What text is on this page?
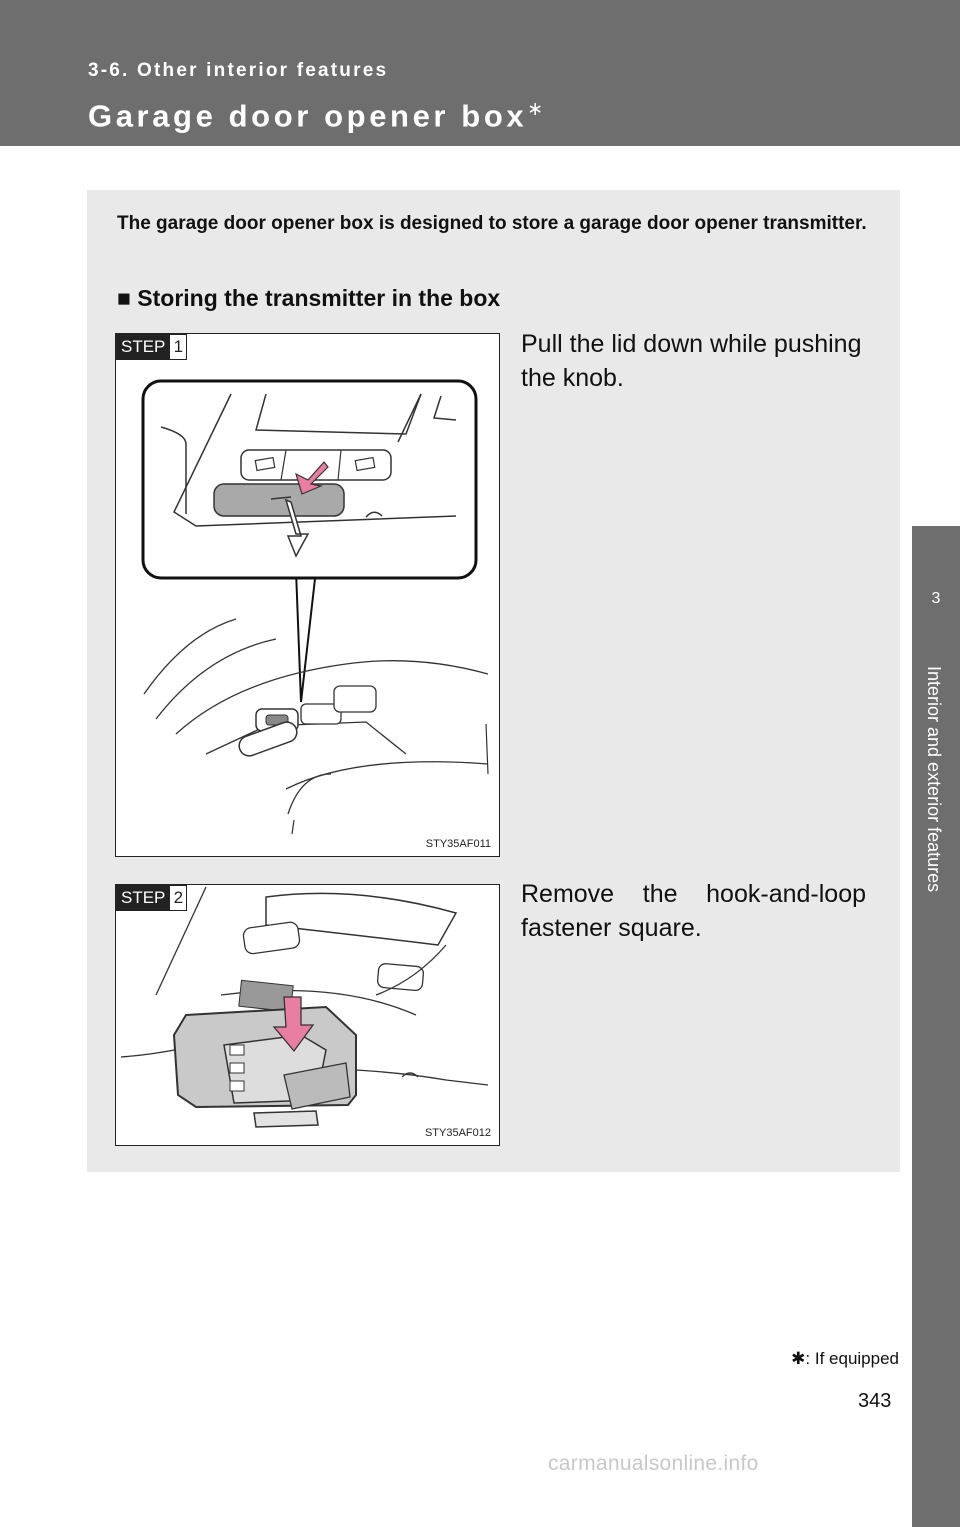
3-6. Other interior features
Garage door opener box∗
3
Interior and exterior features
The garage door opener box is designed to store a garage door opener transmitter.
■ Storing the transmitter in the box
STEP 1
STY35AF011
Pull the lid down while pushing the knob.
STEP 2
STY35AF012
Remove the hook-and-loop fastener square.
✱: If equipped
343
carmanualsonline.info
